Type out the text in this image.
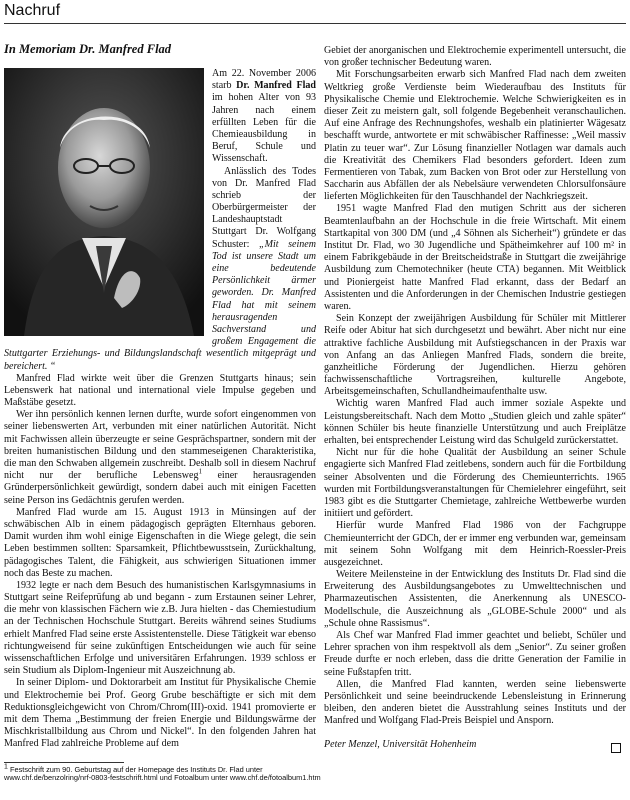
Nachruf
In Memoriam Dr. Manfred Flad

Am 22. November 2006 starb Dr. Manfred Flad im hohen Alter von 93 Jahren nach einem erfüllten Leben für die Chemieausbildung in Beruf, Schule und Wissenschaft.

Anlässlich des Todes von Dr. Manfred Flad schrieb der Oberbürgermeister der Landeshauptstadt Stuttgart Dr. Wolfgang Schuster: „Mit seinem Tod ist unsere Stadt um eine bedeutende Persönlichkeit ärmer geworden. Dr. Manfred Flad hat mit seinem herausragenden Sachverstand und großem Engagement die Stuttgarter Erziehungs- und Bildungslandschaft wesentlich mitgeprägt und bereichert. “

Manfred Flad wirkte weit über die Grenzen Stuttgarts hinaus; sein Lebenswerk hat national und international viele Impulse gegeben und Maßstäbe gesetzt.

Wer ihn persönlich kennen lernen durfte, wurde sofort eingenommen von seiner liebenswerten Art, verbunden mit einer natürlichen Autorität. Nicht mit Fachwissen allein überzeugte er seine Gesprächspartner, sondern mit der breiten humanistischen Bildung und den stammeseigenen Charakteristika, die man den Schwaben allgemein zuschreibt. Deshalb soll in diesem Nachruf nicht nur der berufliche Lebensweg$^1$ einer herausragenden Gründerpersönlichkeit gewürdigt, sondern dabei auch mit einigen Facetten seine Person ins Gedächtnis gerufen werden.

Manfred Flad wurde am 15. August 1913 in Münsingen auf der schwäbischen Alb in einem pädagogisch geprägten Elternhaus geboren. Damit wurden ihm wohl einige Eigenschaften in die Wiege gelegt, die sein Leben bestimmen sollten: Sparsamkeit, Pflichtbewusstsein, Zurückhaltung, pädagogisches Talent, die Fähigkeit, aus schwierigen Situationen immer noch das Beste zu machen.

1932 legte er nach dem Besuch des humanistischen Karlsgymnasiums in Stuttgart seine Reifeprüfung ab und begann - zum Erstaunen seiner Lehrer, die mehr von klassischen Fächern wie z.B. Jura hielten - das Chemiestudium an der Technischen Hochschule Stuttgart. Bereits während seines Studiums erhielt Manfred Flad seine erste Assistentenstelle. Diese Tätigkeit war ebenso richtungweisend für seine zukünftigen Entscheidungen wie auch für seine wissenschaftlichen Erfolge und universitären Erfahrungen. 1939 schloss er sein Studium als Diplom-Ingenieur mit Auszeichnung ab.

In seiner Diplom- und Doktorarbeit am Institut für Physikalische Chemie und Elektrochemie bei Prof. Georg Grube beschäftigte er sich mit dem Reduktionsgleichgewicht von Chrom/Chrom(III)-oxid. 1941 promovierte er mit dem Thema „Bestimmung der freien Energie und Bildungswärme der Mischkristallbildung aus Chrom und Nickel“. In den folgenden Jahren hat Manfred Flad zahlreiche Probleme auf dem

Gebiet der anorganischen und Elektrochemie experimentell untersucht, die von großer technischer Bedeutung waren.

Mit Forschungsarbeiten erwarb sich Manfred Flad nach dem zweiten Weltkrieg große Verdienste beim Wiederaufbau des Instituts für Physikalische Chemie und Elektrochemie. Welche Schwierigkeiten es in dieser Zeit zu meistern galt, soll folgende Begebenheit veranschaulichen. Auf eine Anfrage des Rechnungshofes, weshalb ein platinierter Wägesatz beschafft wurde, antwortete er mit schwäbischer Raffinesse: „Weil massiv Platin zu teuer war“. Zur Lösung finanzieller Notlagen war damals auch die Kreativität des Chemikers Flad besonders gefordert. Ideen zum Fermentieren von Tabak, zum Backen von Brot oder zur Herstellung von Saccharin aus Abfällen der als Nebelsäure verwendeten Chlorsulfonsäure lieferten Möglichkeiten für den Tauschhandel der Nachkriegszeit.

1951 wagte Manfred Flad den mutigen Schritt aus der sicheren Beamtenlaufbahn an der Hochschule in die freie Wirtschaft. Mit einem Startkapital von 300 DM (und „4 Söhnen als Sicherheit“) gründete er das Institut Dr. Flad, wo 30 Jugendliche und Spätheimkehrer auf 100 m² in einem Fabrikgebäude in der Breitscheidstraße in Stuttgart die zweijährige Ausbildung zum Chemotechniker (heute CTA) begannen. Mit Weitblick und Pioniergeist hatte Manfred Flad erkannt, dass der Bedarf an Assistenten und die Anforderungen in der Chemischen Industrie gestiegen waren.

Sein Konzept der zweijährigen Ausbildung für Schüler mit Mittlerer Reife oder Abitur hat sich durchgesetzt und bewährt. Aber nicht nur eine attraktive fachliche Ausbildung mit Aufstiegschancen in der Praxis war von Anfang an das Anliegen Manfred Flads, sondern die breite, ganzheitliche Förderung der Jugendlichen. Hierzu gehören fachwissenschaftliche Vortragsreihen, kulturelle Angebote, Arbeitsgemeinschaften, Schullandheimaufenthalte usw.

Wichtig waren Manfred Flad auch immer soziale Aspekte und Leistungsbereitschaft. Nach dem Motto „Studien gleich und zahle später“ können Schüler bis heute finanzielle Unterstützung und auch Freiplätze erhalten, bei entsprechender Leistung wird das Schulgeld zurückerstattet.

Nicht nur für die hohe Qualität der Ausbildung an seiner Schule engagierte sich Manfred Flad zeitlebens, sondern auch für die Fortbildung seiner Absolventen und die Förderung des Chemieunterrichts. 1965 wurden mit Fortbildungsveranstaltungen für Chemielehrer eingeführt, seit 1983 gibt es die Stuttgarter Chemietage, zahlreiche Wettbewerbe wurden initiiert und gefördert.

Hierfür wurde Manfred Flad 1986 von der Fachgruppe Chemieunterricht der GDCh, der er immer eng verbunden war, gemeinsam mit seinem Sohn Wolfgang mit dem Heinrich-Roessler-Preis ausgezeichnet.

Weitere Meilensteine in der Entwicklung des Instituts Dr. Flad sind die Erweiterung des Ausbildungsangebotes zu Umwelttechnischen und Pharmazeutischen Assistenten, die Anerkennung als UNESCO-Modellschule, die Auszeichnung als „GLOBE-Schule 2000“ und als „Schule ohne Rassismus“.

Als Chef war Manfred Flad immer geachtet und beliebt, Schüler und Lehrer sprachen von ihm respektvoll als dem „Senior“. Zu seiner großen Freude durfte er noch erleben, dass die dritte Generation der Familie in seine Fußstapfen tritt.

Allen, die Manfred Flad kannten, werden seine liebenswerte Persönlichkeit und seine beeindruckende Lebensleistung in Erinnerung bleiben, den anderen bietet die Ausstrahlung seines Instituts und der Manfred und Wolfgang Flad-Preis Beispiel und Ansporn.

Peter Menzel, Universität Hohenheim

$^1$ Festschrift zum 90. Geburtstag auf der Homepage des Instituts Dr. Flad unter www.chf.de/benzolring/nrf-0803-festschrift.html und Fotoalbum unter www.chf.de/fotoalbum1.htm
